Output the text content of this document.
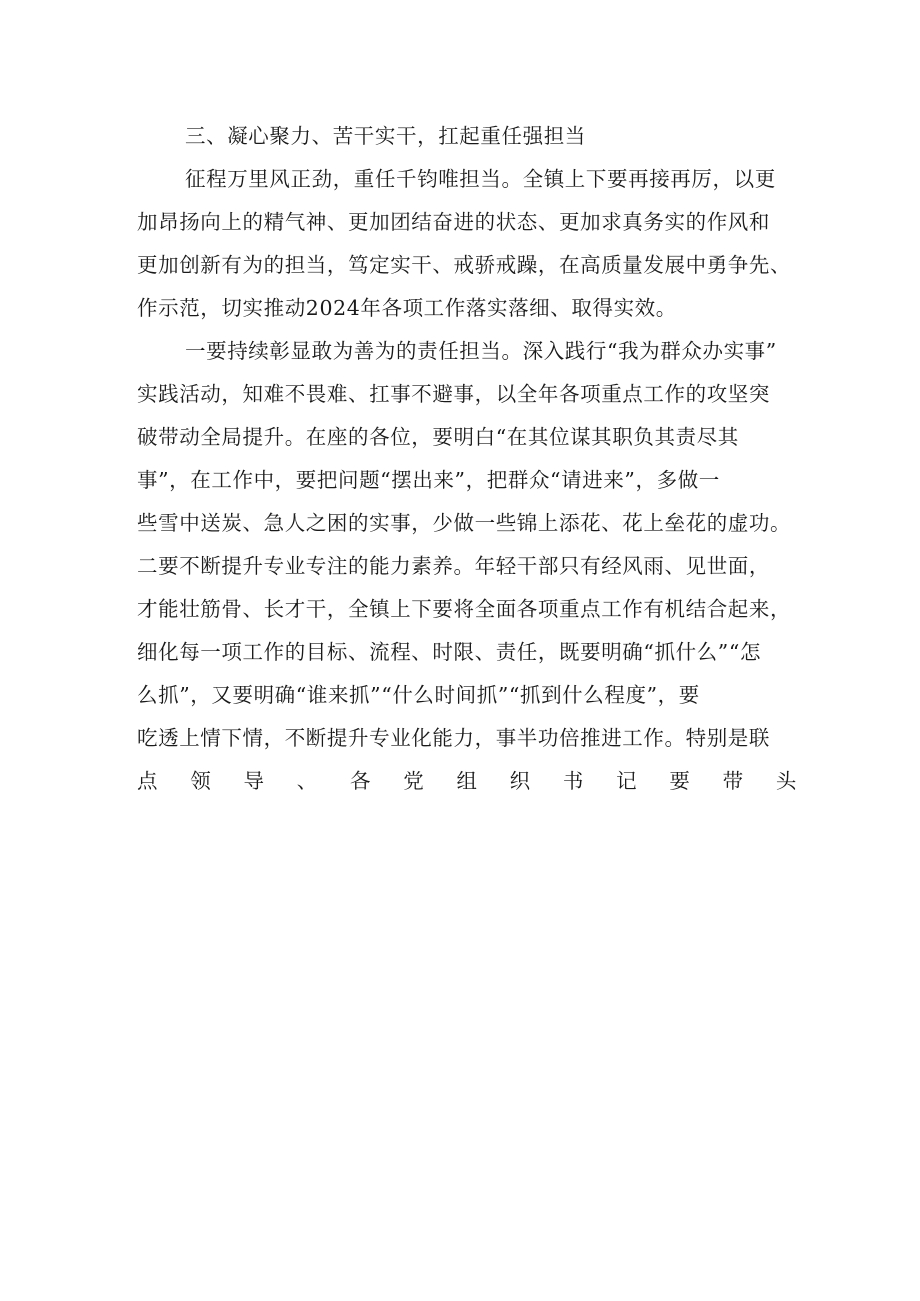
三、凝心聚力、苦干实干，扛起重任强担当
征程万里风正劲，重任千钧唯担当。全镇上下要再接再厉，以更
加昂扬向上的精气神、更加团结奋进的状态、更加求真务实的作风和
更加创新有为的担当，笃定实干、戒骄戒躁，在高质量发展中勇争先、
作示范，切实推动2024年各项工作落实落细、取得实效。
一要持续彰显敢为善为的责任担当。深入践行“我为群众办实事”
实践活动，知难不畏难、扛事不避事，以全年各项重点工作的攻坚突
破带动全局提升。在座的各位，要明白“在其位谋其职负其责尽其
事”，在工作中，要把问题“摆出来”，把群众“请进来”，多做一
些雪中送炭、急人之困的实事，少做一些锦上添花、花上垒花的虚功。
二要不断提升专业专注的能力素养。年轻干部只有经风雨、见世面，
才能壮筋骨、长才干，全镇上下要将全面各项重点工作有机结合起来，
细化每一项工作的目标、流程、时限、责任，既要明确“抓什么”“怎
么抓”，又要明确“谁来抓”“什么时间抓”“抓到什么程度”，要
吃透上情下情，不断提升专业化能力，事半功倍推进工作。特别是联
点 领 导 、 各 党 组 织 书 记 要 带 头
